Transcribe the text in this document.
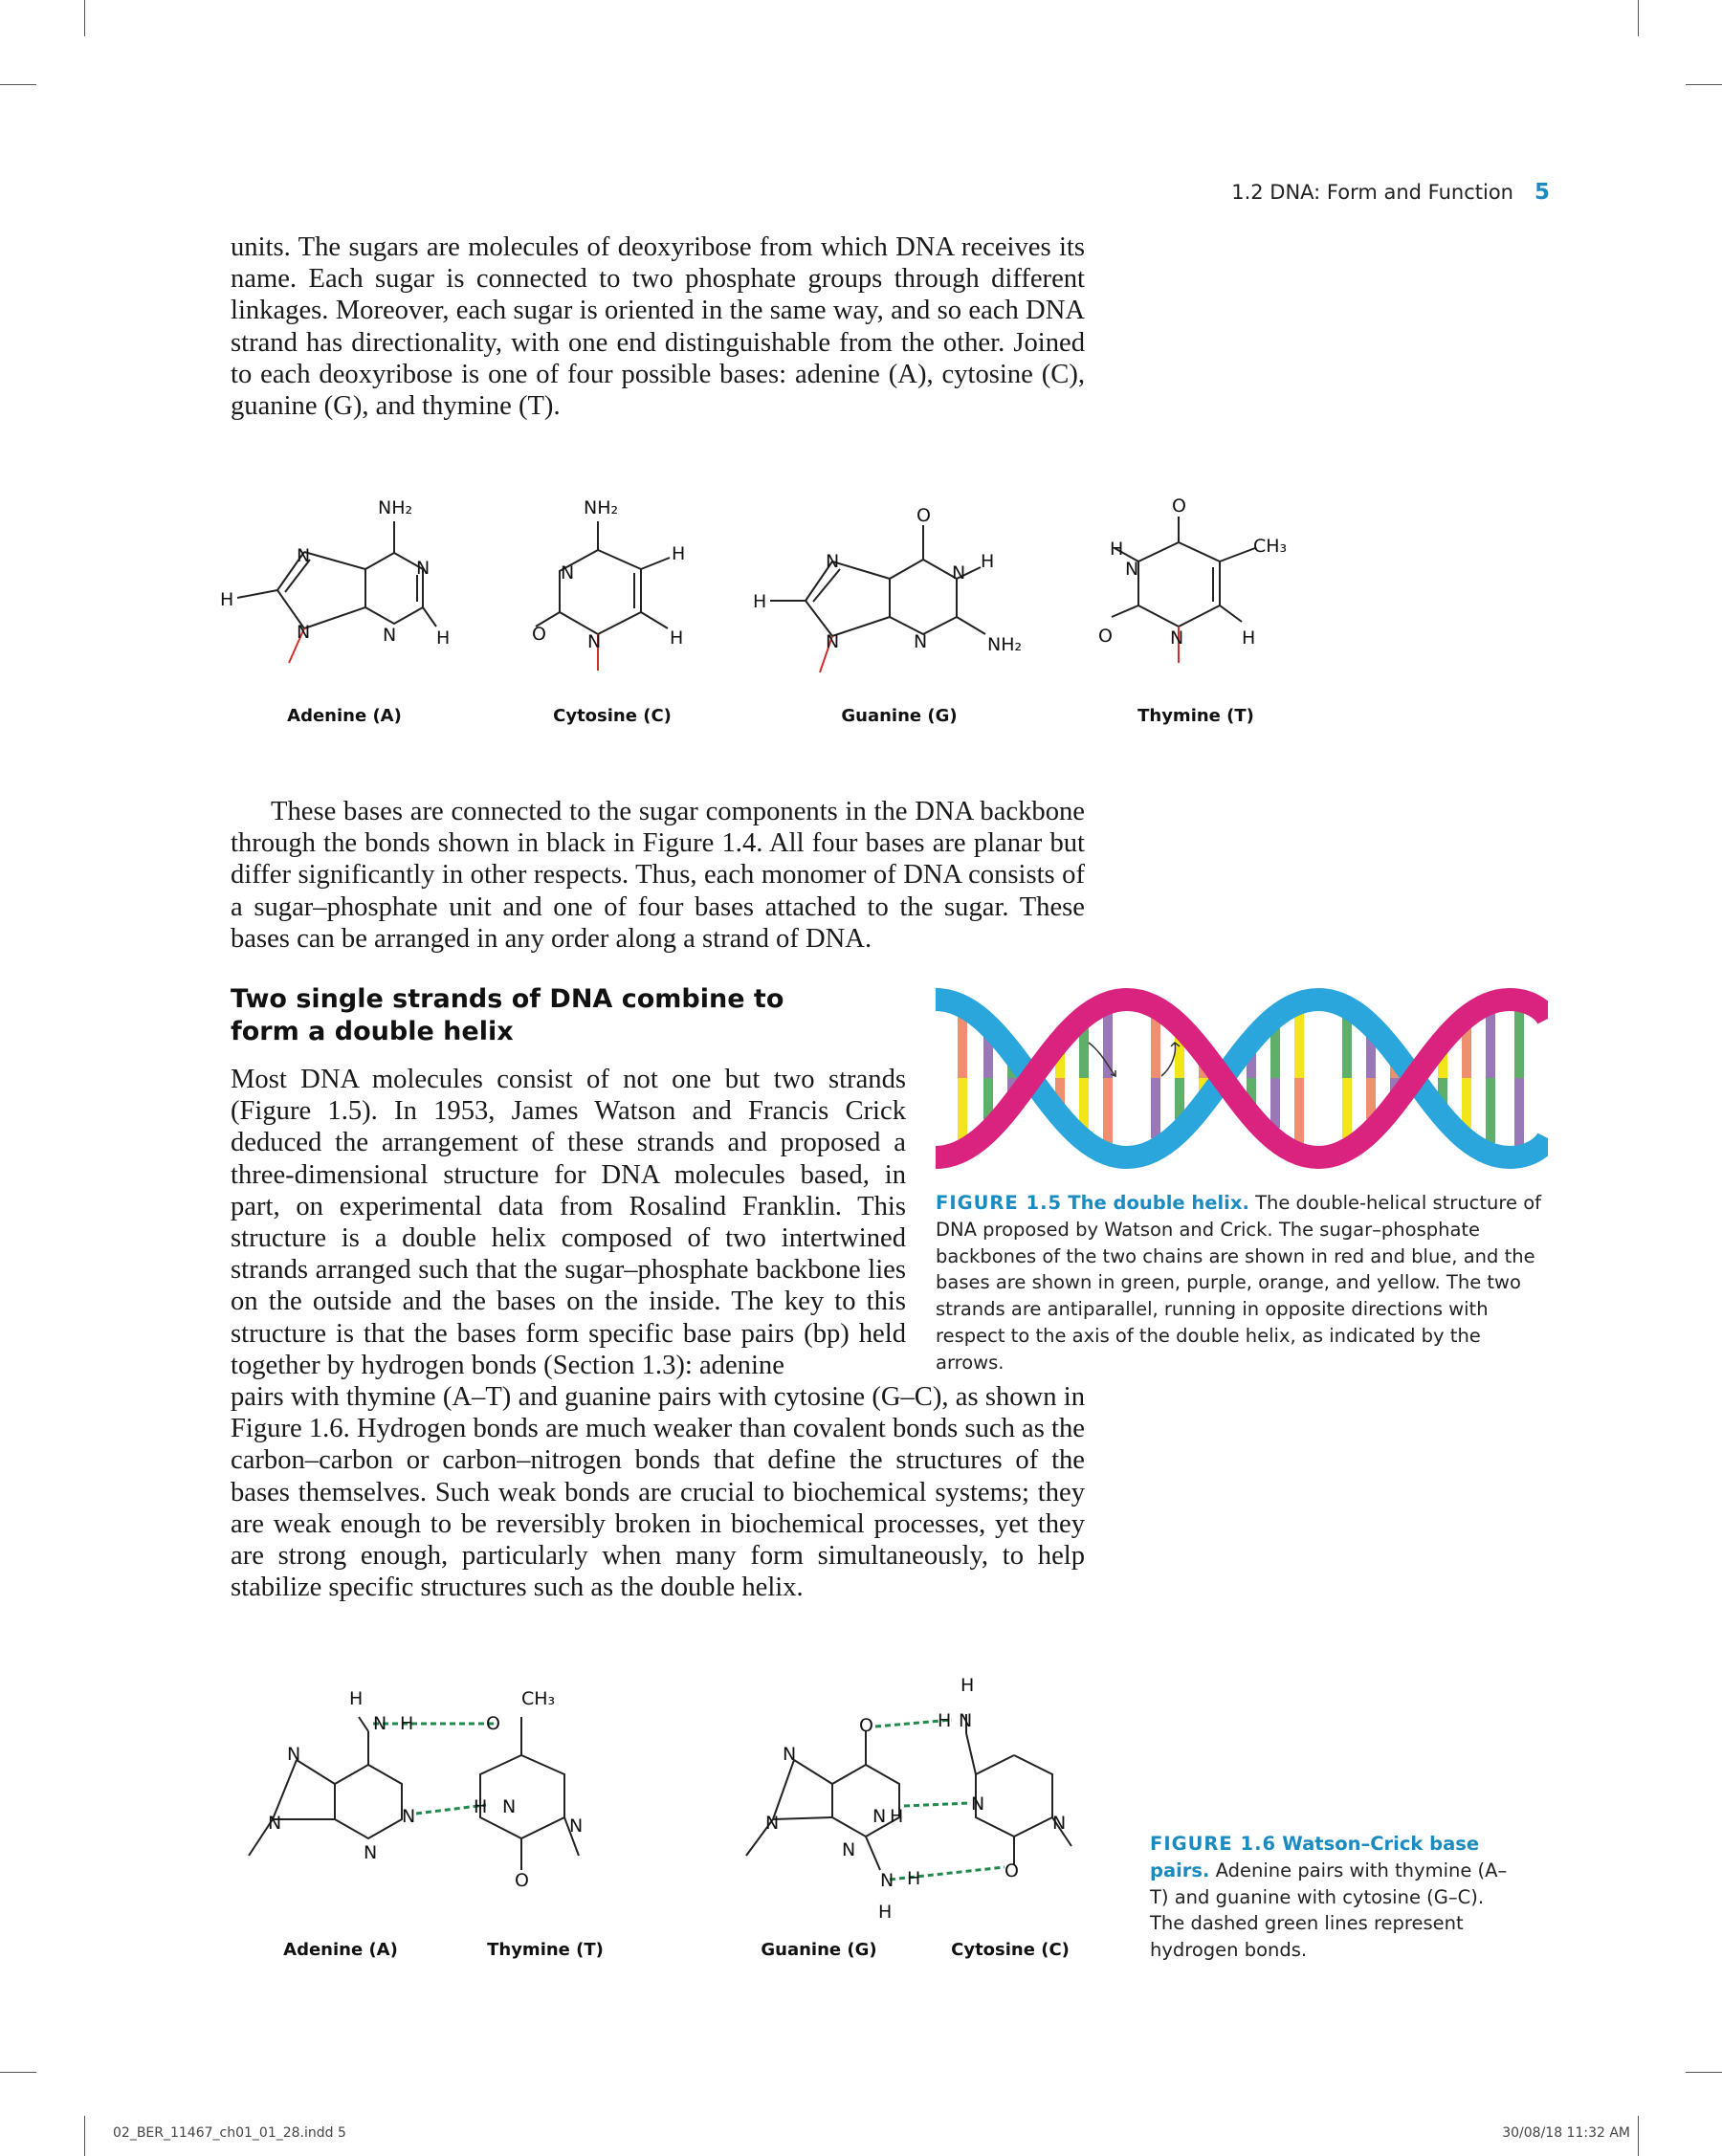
1.2 DNA: Form and Function 5

units. The sugars are molecules of deoxyribose from which DNA receives its name. Each sugar is connected to two phosphate groups through different linkages. Moreover, each sugar is oriented in the same way, and so each DNA strand has directionality, with one end distinguishable from the other. Joined to each deoxyribose is one of four possible bases: adenine (A), cytosine (C), guanine (G), and thymine (T).

NH₂
N
N
N	N
H
H
NH₂
H
N
N	H
O
O
N
N
H
H
N	N	NH₂
O
CH₃
H
N
N	H
O
Adenine (A)	Cytosine (C)	Guanine (G)	Thymine (T)

These bases are connected to the sugar components in the DNA backbone through the bonds shown in black in Figure 1.4. All four bases are planar but differ significantly in other respects. Thus, each monomer of DNA consists of a sugar–phosphate unit and one of four bases attached to the sugar. These bases can be arranged in any order along a strand of DNA.

Two single strands of DNA combine to form a double helix

Most DNA molecules consist of not one but two strands (Figure 1.5). In 1953, James Watson and Francis Crick deduced the arrangement of these strands and proposed a three-dimensional structure for DNA molecules based, in part, on experimental data from Rosalind Franklin. This structure is a double helix composed of two intertwined strands arranged such that the sugar–phosphate backbone lies on the outside and the bases on the inside. The key to this structure is that the bases form specific base pairs (bp) held together by hydrogen bonds (Section 1.3): adenine

pairs with thymine (A–T) and guanine pairs with cytosine (G–C), as shown in Figure 1.6. Hydrogen bonds are much weaker than covalent bonds such as the carbon–carbon or carbon–nitrogen bonds that define the structures of the bases themselves. Such weak bonds are crucial to biochemical systems; they are weak enough to be reversibly broken in biochemical processes, yet they are strong enough, particularly when many form simultaneously, to help stabilize specific structures such as the double helix.

FIGURE 1.5 The double helix. The double-helical structure of DNA proposed by Watson and Crick. The sugar–phosphate backbones of the two chains are shown in red and blue, and the bases are shown in green, purple, orange, and yellow. The two strands are antiparallel, running in opposite directions with respect to the axis of the double helix, as indicated by the arrows.
H
N H
N
N
N
N
CH₃
O
H N
N
O
N
O
N H
N
N
N H
H
H
H N
N
N
O
Adenine (A)	Thymine (T)	Guanine (G)	Cytosine (C)
FIGURE 1.6 Watson–Crick base pairs. Adenine pairs with thymine (A–T) and guanine with cytosine (G–C). The dashed green lines represent hydrogen bonds.
02_BER_11467_ch01_01_28.indd 5	30/08/18 11:32 AM
